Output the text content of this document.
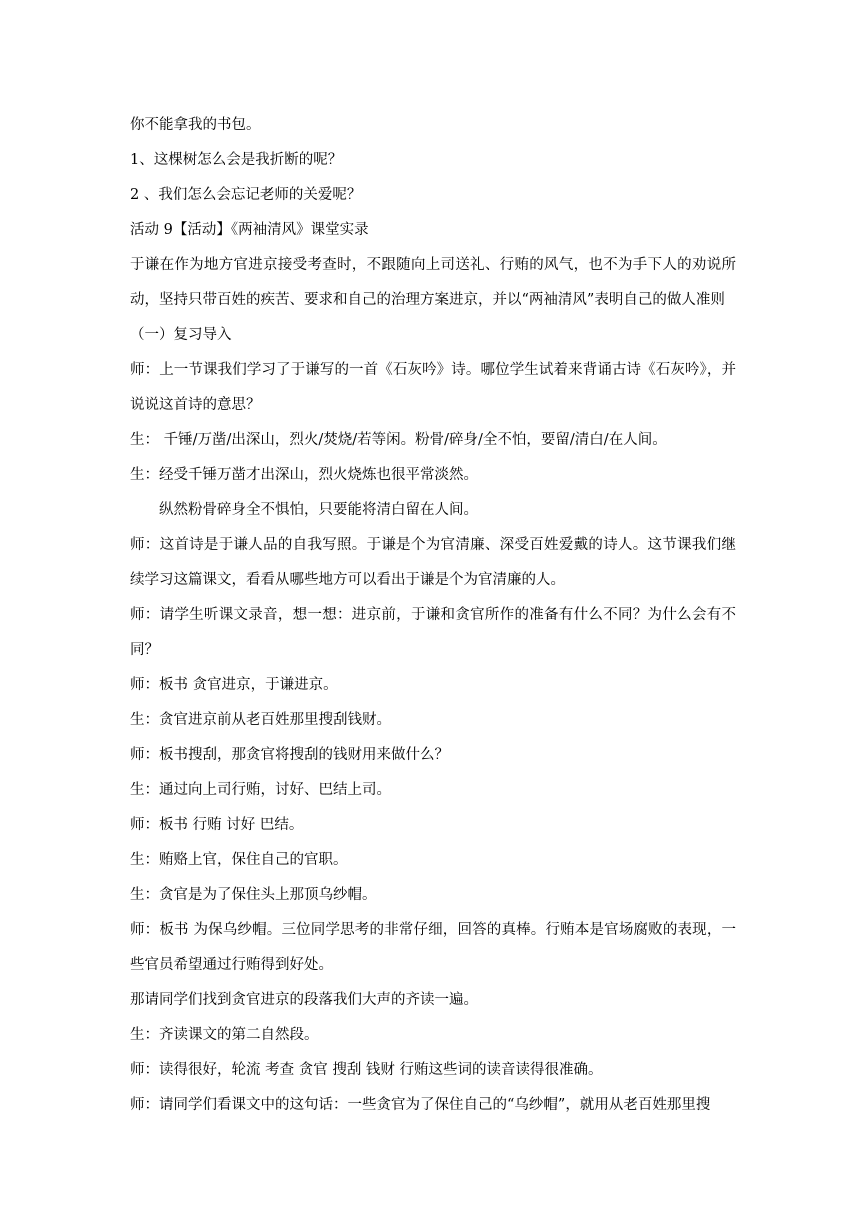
你不能拿我的书包。

1、这棵树怎么会是我折断的呢？

2 、我们怎么会忘记老师的关爱呢？

活动 9【活动】《两袖清风》课堂实录

于谦在作为地方官进京接受考查时，不跟随向上司送礼、行贿的风气，也不为手下人的劝说所动，坚持只带百姓的疾苦、要求和自己的治理方案进京，并以“两袖清风”表明自己的做人准则

（一）复习导入

师：上一节课我们学习了于谦写的一首《石灰吟》诗。哪位学生试着来背诵古诗《石灰吟》，并说说这首诗的意思？

生： 千锤/万凿/出深山，烈火/焚烧/若等闲。粉骨/碎身/全不怕，要留/清白/在人间。

生：经受千锤万凿才出深山，烈火烧炼也很平常淡然。

纵然粉骨碎身全不惧怕，只要能将清白留在人间。

师：这首诗是于谦人品的自我写照。于谦是个为官清廉、深受百姓爱戴的诗人。这节课我们继续学习这篇课文，看看从哪些地方可以看出于谦是个为官清廉的人。

师：请学生听课文录音，想一想：进京前，于谦和贪官所作的准备有什么不同？为什么会有不同？

师：板书 贪官进京，于谦进京。

生：贪官进京前从老百姓那里搜刮钱财。

师：板书搜刮，那贪官将搜刮的钱财用来做什么？

生：通过向上司行贿，讨好、巴结上司。

师：板书 行贿 讨好 巴结。

生：贿赂上官，保住自己的官职。

生：贪官是为了保住头上那顶乌纱帽。

师：板书 为保乌纱帽。三位同学思考的非常仔细，回答的真棒。行贿本是官场腐败的表现，一些官员希望通过行贿得到好处。

那请同学们找到贪官进京的段落我们大声的齐读一遍。

生：齐读课文的第二自然段。

师：读得很好，轮流 考查 贪官 搜刮 钱财 行贿这些词的读音读得很准确。

师：请同学们看课文中的这句话：一些贪官为了保住自己的“乌纱帽”，就用从老百姓那里搜
